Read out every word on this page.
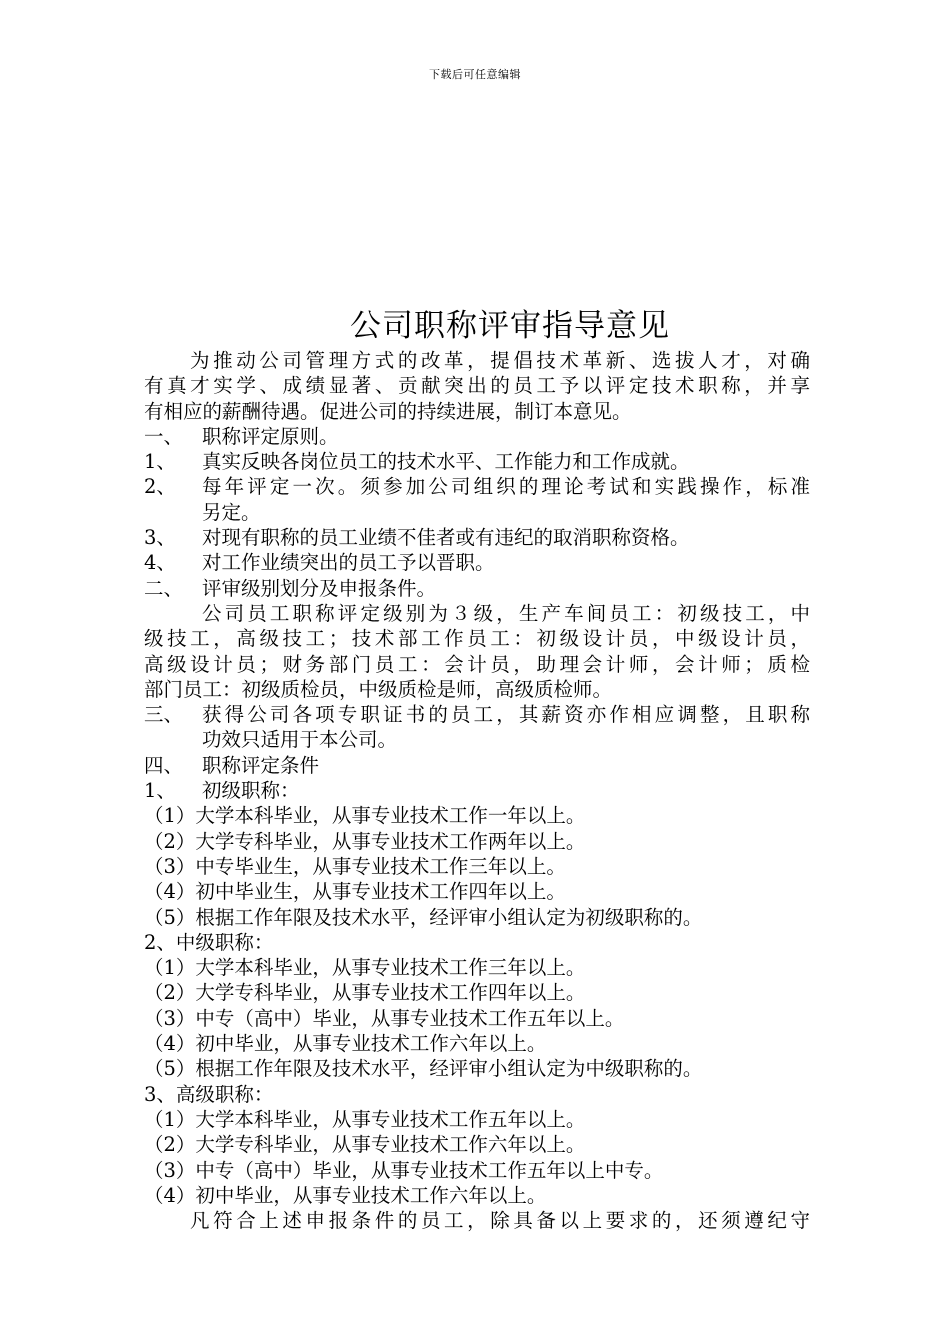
下载后可任意编辑
公司职称评审指导意见
为推动公司管理方式的改革，提倡技术革新、选拔人才，对确
有真才实学、成绩显著、贡献突出的员工予以评定技术职称，并享
有相应的薪酬待遇。促进公司的持续进展，制订本意见。
一、 职称评定原则。
1、	真实反映各岗位员工的技术水平、工作能力和工作成就。
2、	每年评定一次。须参加公司组织的理论考试和实践操作，标准
另定。
3、	对现有职称的员工业绩不佳者或有违纪的取消职称资格。
4、	对工作业绩突出的员工予以晋职。
二、 评审级别划分及申报条件。
公司员工职称评定级别为３级，生产车间员工：初级技工，中
级技工，高级技工；技术部工作员工：初级设计员，中级设计员，
高级设计员；财务部门员工：会计员，助理会计师，会计师；质检
部门员工：初级质检员，中级质检是师，高级质检师。
三、 获得公司各项专职证书的员工，其薪资亦作相应调整，且职称
功效只适用于本公司。
四、 职称评定条件
1、	初级职称：
（1）大学本科毕业，从事专业技术工作一年以上。
（2）大学专科毕业，从事专业技术工作两年以上。
（3）中专毕业生，从事专业技术工作三年以上。
（4）初中毕业生，从事专业技术工作四年以上。
（5）根据工作年限及技术水平，经评审小组认定为初级职称的。
2、中级职称：
（1）大学本科毕业，从事专业技术工作三年以上。
（2）大学专科毕业，从事专业技术工作四年以上。
（3）中专（高中）毕业，从事专业技术工作五年以上。
（4）初中毕业，从事专业技术工作六年以上。
（5）根据工作年限及技术水平，经评审小组认定为中级职称的。
3、高级职称：
（1）大学本科毕业，从事专业技术工作五年以上。
（2）大学专科毕业，从事专业技术工作六年以上。
（3）中专（高中）毕业，从事专业技术工作五年以上中专。
（4）初中毕业，从事专业技术工作六年以上。
凡符合上述申报条件的员工，除具备以上要求的，还须遵纪守
